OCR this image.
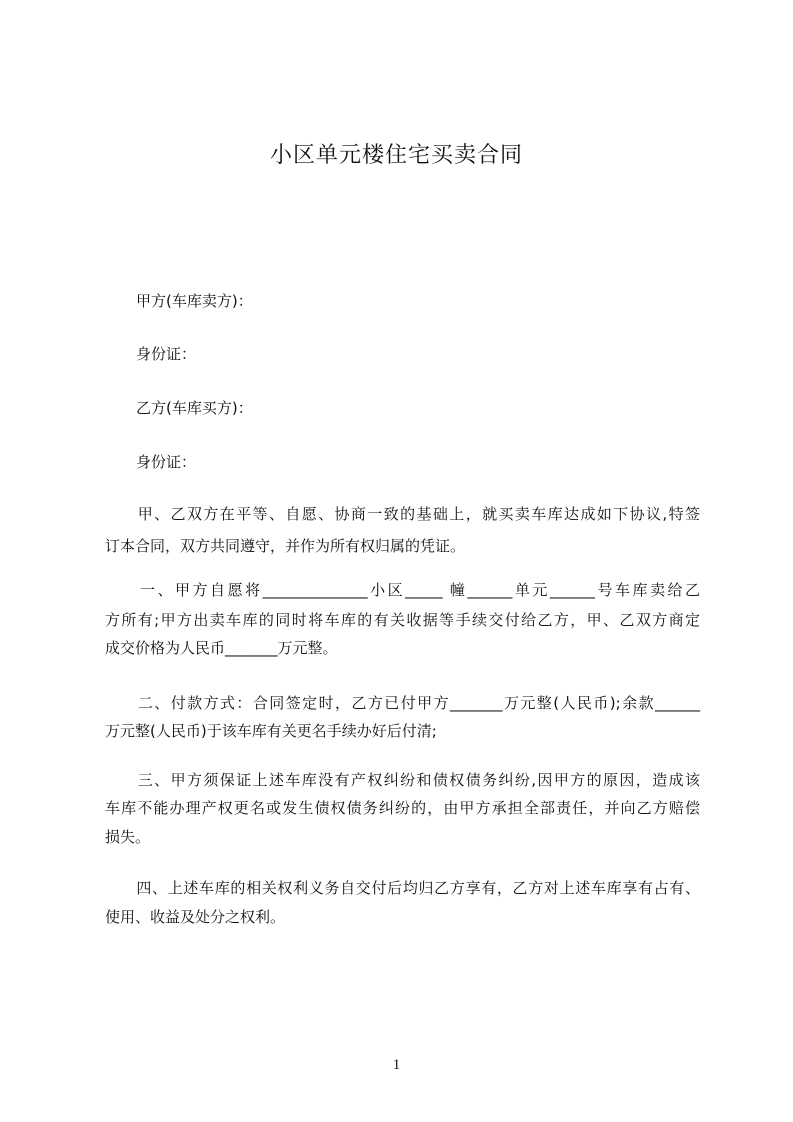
小区单元楼住宅买卖合同
甲方(车库卖方)：
身份证：
乙方(车库买方)：
身份证：
　　甲、乙双方在平等、自愿、协商一致的基础上，就买卖车库达成如下协议,特签
订本合同，双方共同遵守，并作为所有权归属的凭证。
　　一、甲方自愿将______________小区_____ 幢______单元______号车库卖给乙
方所有;甲方出卖车库的同时将车库的有关收据等手续交付给乙方，甲、乙双方商定
成交价格为人民币_______万元整。
　　二、付款方式：合同签定时，乙方已付甲方_______万元整(人民币);余款______
万元整(人民币)于该车库有关更名手续办好后付清;
　　三、甲方须保证上述车库没有产权纠纷和债权债务纠纷,因甲方的原因，造成该
车库不能办理产权更名或发生债权债务纠纷的，由甲方承担全部责任，并向乙方赔偿
损失。
　　四、上述车库的相关权利义务自交付后均归乙方享有，乙方对上述车库享有占有、
使用、收益及处分之权利。
1
